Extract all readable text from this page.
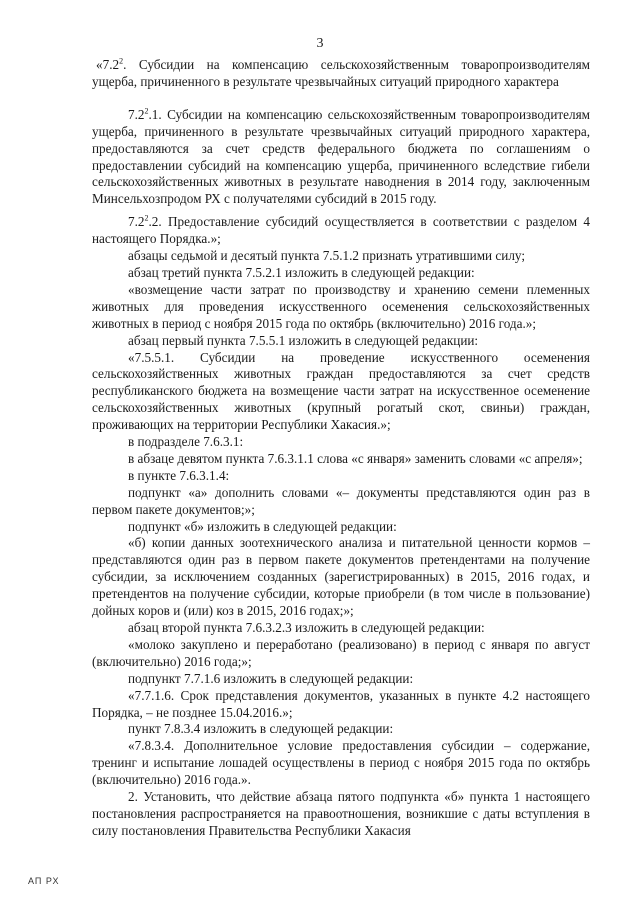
3

«$7.2^2$. Субсидии на компенсацию сельскохозяйственным товаропроизводителям ущерба, причиненного в результате чрезвычайных ситуаций природного характера

$7.2^2.1$. Субсидии на компенсацию сельскохозяйственным товаропроизводителям ущерба, причиненного в результате чрезвычайных ситуаций природного характера, предоставляются за счет средств федерального бюджета по соглашениям о предоставлении субсидий на компенсацию ущерба, причиненного вследствие гибели сельскохозяйственных животных в результате наводнения в 2014 году, заключенным Минсельхозпродом РХ с получателями субсидий в 2015 году.

$7.2^2.2$. Предоставление субсидий осуществляется в соответствии с разделом 4 настоящего Порядка.»;

абзацы седьмой и десятый пункта 7.5.1.2 признать утратившими силу;

абзац третий пункта 7.5.2.1 изложить в следующей редакции:

«возмещение части затрат по производству и хранению семени племенных животных для проведения искусственного осеменения сельскохозяйственных животных в период с ноября 2015 года по октябрь (включительно) 2016 года.»;

абзац первый пункта 7.5.5.1 изложить в следующей редакции:

«7.5.5.1. Субсидии на проведение искусственного осеменения сельскохозяйственных животных граждан предоставляются за счет средств республиканского бюджета на возмещение части затрат на искусственное осеменение сельскохозяйственных животных (крупный рогатый скот, свиньи) граждан, проживающих на территории Республики Хакасия.»;

в подразделе 7.6.3.1:

в абзаце девятом пункта 7.6.3.1.1 слова «с января» заменить словами «с апреля»;

в пункте 7.6.3.1.4:

подпункт «а» дополнить словами «– документы представляются один раз в первом пакете документов;»;

подпункт «б» изложить в следующей редакции:

«б) копии данных зоотехнического анализа и питательной ценности кормов – представляются один раз в первом пакете документов претендентами на получение субсидии, за исключением созданных (зарегистрированных) в 2015, 2016 годах, и претендентов на получение субсидии, которые приобрели (в том числе в пользование) дойных коров и (или) коз в 2015, 2016 годах;»;

абзац второй пункта 7.6.3.2.3 изложить в следующей редакции:

«молоко закуплено и переработано (реализовано) в период с января по август (включительно) 2016 года;»;

подпункт 7.7.1.6 изложить в следующей редакции:

«7.7.1.6. Срок представления документов, указанных в пункте 4.2 настоящего Порядка, – не позднее 15.04.2016.»;

пункт 7.8.3.4 изложить в следующей редакции:

«7.8.3.4. Дополнительное условие предоставления субсидии – содержание, тренинг и испытание лошадей осуществлены в период с ноября 2015 года по октябрь (включительно) 2016 года.».

2. Установить, что действие абзаца пятого подпункта «б» пункта 1 настоящего постановления распространяется на правоотношения, возникшие с даты вступления в силу постановления Правительства Республики Хакасия

АП РХ
